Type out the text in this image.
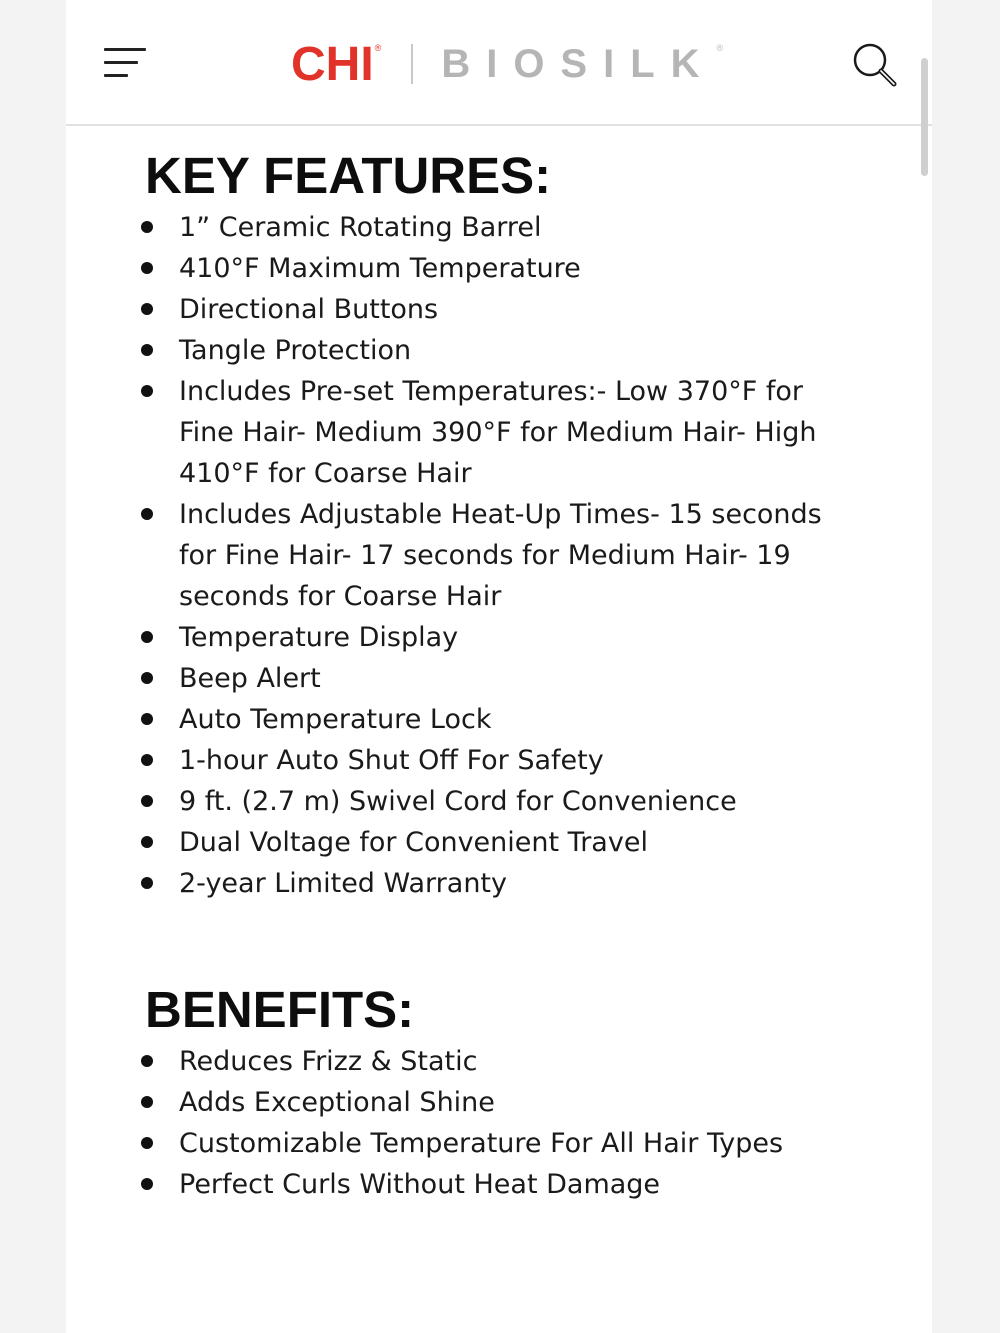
CHI ® BIOSILK ®
KEY FEATURES:
1” Ceramic Rotating Barrel
410°F Maximum Temperature
Directional Buttons
Tangle Protection
Includes Pre-set Temperatures:- Low 370°F for Fine Hair- Medium 390°F for Medium Hair- High 410°F for Coarse Hair
Includes Adjustable Heat-Up Times- 15 seconds for Fine Hair- 17 seconds for Medium Hair- 19 seconds for Coarse Hair
Temperature Display
Beep Alert
Auto Temperature Lock
1-hour Auto Shut Off For Safety
9 ft. (2.7 m) Swivel Cord for Convenience
Dual Voltage for Convenient Travel
2-year Limited Warranty
BENEFITS:
Reduces Frizz & Static
Adds Exceptional Shine
Customizable Temperature For All Hair Types
Perfect Curls Without Heat Damage
